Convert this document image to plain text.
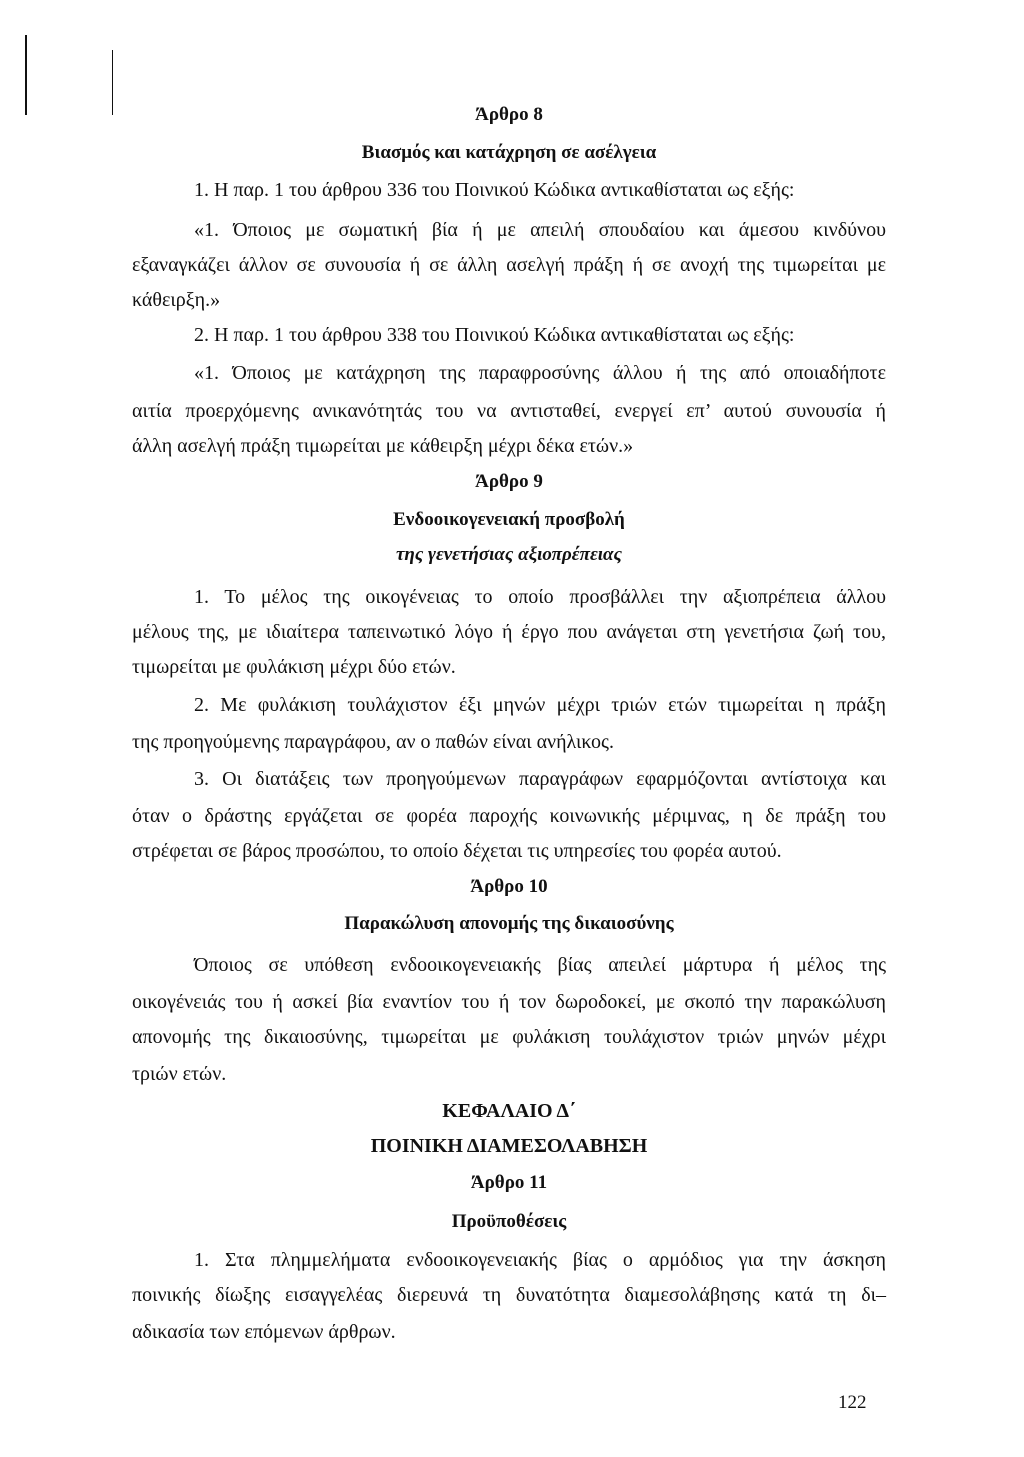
Άρθρο 8
Βιασμός και κατάχρηση σε ασέλγεια
1. Η παρ. 1 του άρθρου 336 του Ποινικού Κώδικα αντικαθίσταται ως εξής:
«1. Όποιος με σωματική βία ή με απειλή σπουδαίου και άμεσου κινδύνου
εξαναγκάζει άλλον σε συνουσία ή σε άλλη ασελγή πράξη ή σε ανοχή της τιμωρείται με
κάθειρξη.»
2. Η παρ. 1 του άρθρου 338 του Ποινικού Κώδικα αντικαθίσταται ως εξής:
«1. Όποιος με κατάχρηση της παραφροσύνης άλλου ή της από οποιαδήποτε
αιτία προερχόμενης ανικανότητάς του να αντισταθεί, ενεργεί επ’ αυτού συνουσία ή
άλλη ασελγή πράξη τιμωρείται με κάθειρξη μέχρι δέκα ετών.»
Άρθρο 9
Ενδοοικογενειακή προσβολή
της γενετήσιας αξιοπρέπειας
1. Το μέλος της οικογένειας το οποίο προσβάλλει την αξιοπρέπεια άλλου
μέλους της, με ιδιαίτερα ταπεινωτικό λόγο ή έργο που ανάγεται στη γενετήσια ζωή του,
τιμωρείται με φυλάκιση μέχρι δύο ετών.
2. Με φυλάκιση τουλάχιστον έξι μηνών μέχρι τριών ετών τιμωρείται η πράξη
της προηγούμενης παραγράφου, αν ο παθών είναι ανήλικος.
3. Οι διατάξεις των προηγούμενων παραγράφων εφαρμόζονται αντίστοιχα και
όταν ο δράστης εργάζεται σε φορέα παροχής κοινωνικής μέριμνας, η δε πράξη του
στρέφεται σε βάρος προσώπου, το οποίο δέχεται τις υπηρεσίες του φορέα αυτού.
Άρθρο 10
Παρακώλυση απονομής της δικαιοσύνης
Όποιος σε υπόθεση ενδοοικογενειακής βίας απειλεί μάρτυρα ή μέλος της
οικογένειάς του ή ασκεί βία εναντίον του ή τον δωροδοκεί, με σκοπό την παρακώλυση
απονομής της δικαιοσύνης, τιμωρείται με φυλάκιση τουλάχιστον τριών μηνών μέχρι
τριών ετών.
ΚΕΦΑΛΑΙΟ Δ΄
ΠΟΙΝΙΚΗ ΔΙΑΜΕΣΟΛΑΒΗΣΗ
Άρθρο 11
Προϋποθέσεις
1. Στα πλημμελήματα ενδοοικογενειακής βίας ο αρμόδιος για την άσκηση
ποινικής δίωξης εισαγγελέας διερευνά τη δυνατότητα διαμεσολάβησης κατά τη δι–
αδικασία των επόμενων άρθρων.
122
